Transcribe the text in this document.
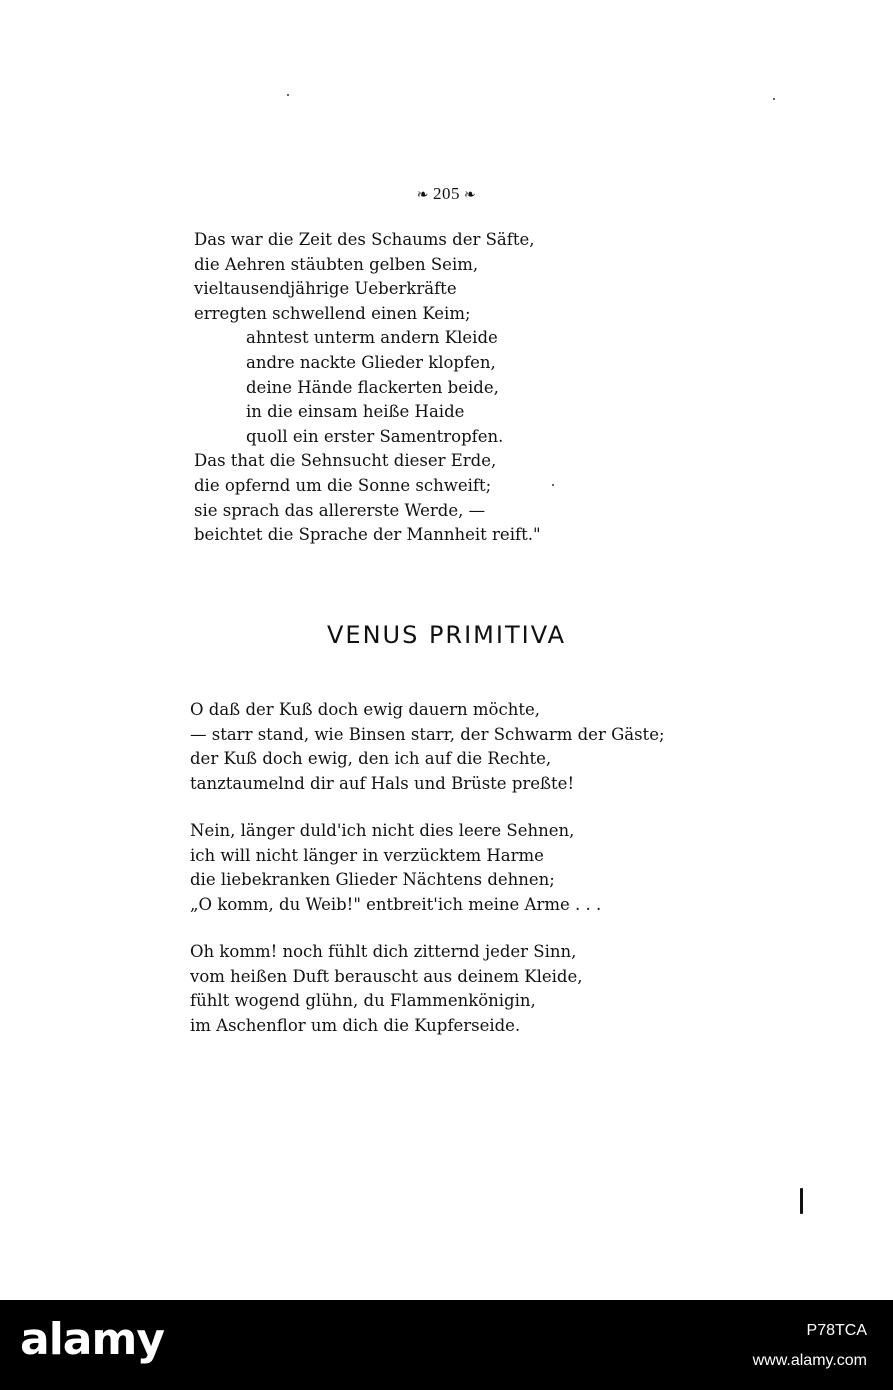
❧ 205 ❧
Das war die Zeit des Schaums der Säfte,
die Aehren stäubten gelben Seim,
vieltausendjährige Ueberkräfte
erregten schwellend einen Keim;
ahntest unterm andern Kleide
andre nackte Glieder klopfen,
deine Hände flackerten beide,
in die einsam heiße Haide
quoll ein erster Samentropfen.
Das that die Sehnsucht dieser Erde,
die opfernd um die Sonne schweift;
sie sprach das allererste Werde, —
beichtet die Sprache der Mannheit reift."
VENUS PRIMITIVA
O daß der Kuß doch ewig dauern möchte,
— starr stand, wie Binsen starr, der Schwarm der Gäste;
der Kuß doch ewig, den ich auf die Rechte,
tanztaumelnd dir auf Hals und Brüste preßte!
Nein, länger duld'ich nicht dies leere Sehnen,
ich will nicht länger in verzücktem Harme
die liebekranken Glieder Nächtens dehnen;
„O komm, du Weib!" entbreit'ich meine Arme . . .
Oh komm! noch fühlt dich zitternd jeder Sinn,
vom heißen Duft berauscht aus deinem Kleide,
fühlt wogend glühn, du Flammenkönigin,
im Aschenflor um dich die Kupferseide.
alamy	P78TCA
www.alamy.com
